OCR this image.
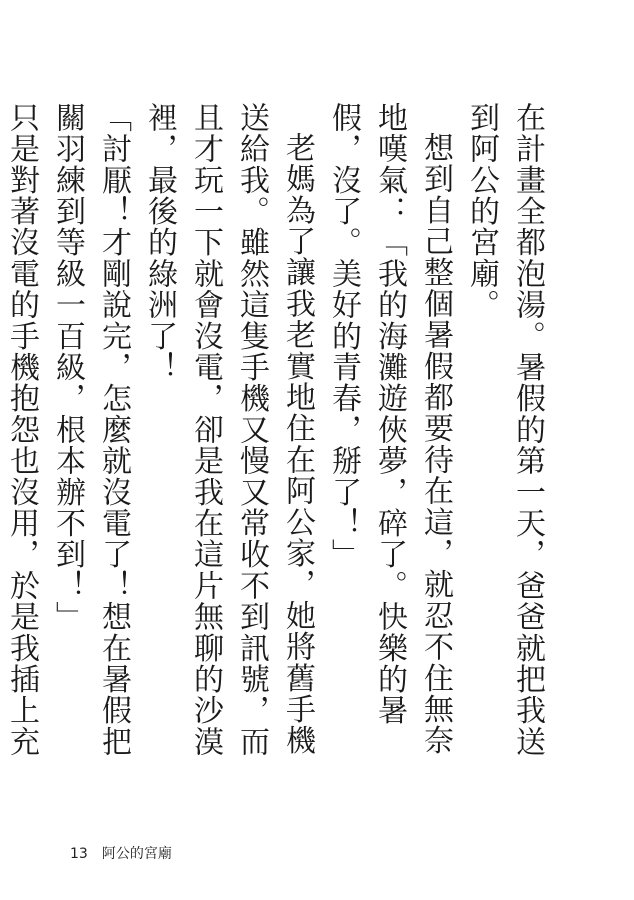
在計畫全都泡湯。暑假的第一天，爸爸就把我送到阿公的宮廟。

想到自己整個暑假都要待在這，就忍不住無奈地嘆氣：「我的海灘遊俠夢，碎了。快樂的暑假，沒了。美好的青春，掰了！」

老媽為了讓我老實地住在阿公家，她將舊手機送給我。雖然這隻手機又慢又常收不到訊號，而且才玩一下就會沒電，卻是我在這片無聊的沙漠裡，最後的綠洲了！

「討厭！才剛說完，怎麼就沒電了！想在暑假把關羽練到等級一百級，根本辦不到！」

只是對著沒電的手機抱怨也沒用，於是我插上充

13 阿公的宮廟
